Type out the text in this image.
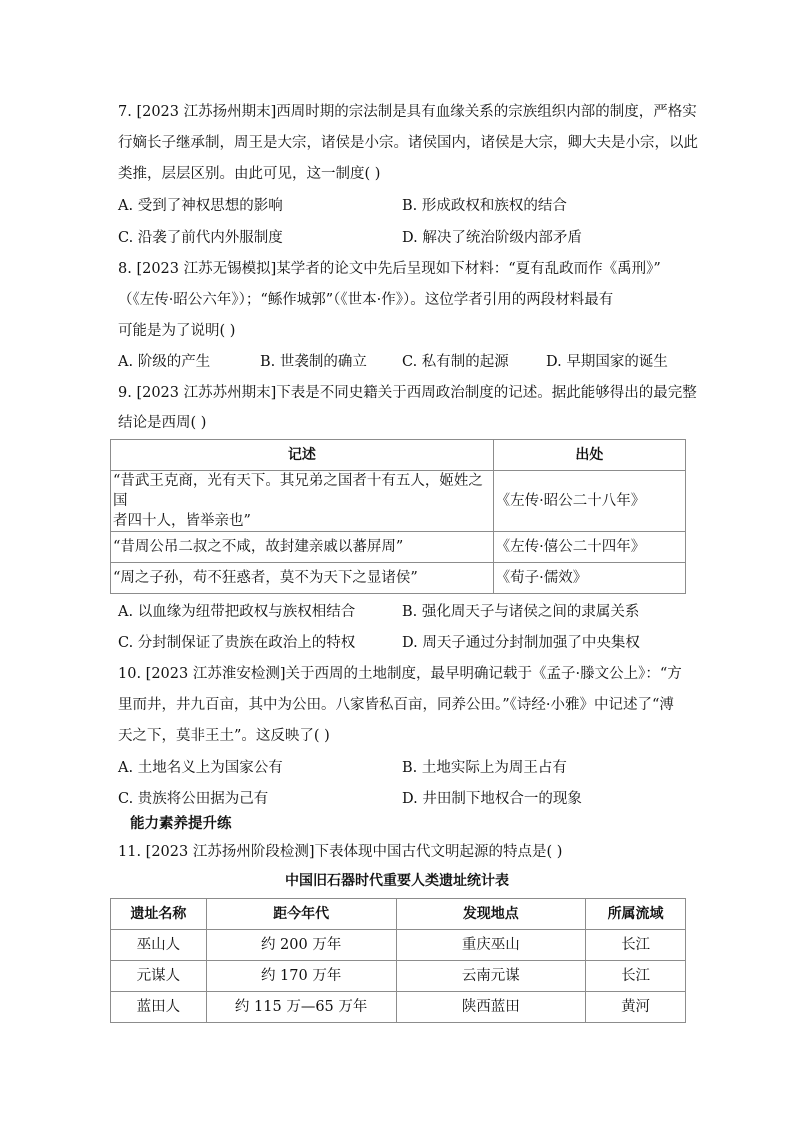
7. [2023 江苏扬州期末]西周时期的宗法制是具有血缘关系的宗族组织内部的制度，严格实
行嫡长子继承制，周王是大宗，诸侯是小宗。诸侯国内，诸侯是大宗，卿大夫是小宗，以此
类推，层层区别。由此可见，这一制度( )
A. 受到了神权思想的影响	B. 形成政权和族权的结合
C. 沿袭了前代内外服制度	D. 解决了统治阶级内部矛盾
8. [2023 江苏无锡模拟]某学者的论文中先后呈现如下材料：“夏有乱政而作《禹刑》”
（《左传·昭公六年》）；“鲧作城郭”（《世本·作》）。这位学者引用的两段材料最有
可能是为了说明( )
A. 阶级的产生	B. 世袭制的确立 C. 私有制的起源	D. 早期国家的诞生
9. [2023 江苏苏州期末]下表是不同史籍关于西周政治制度的记述。据此能够得出的最完整
结论是西周( )
记述	出处

“昔武王克商，光有天下。其兄弟之国者十有五人，姬姓之国
者四十人，皆举亲也”	《左传·昭公二十八年》
“昔周公吊二叔之不咸，故封建亲戚以蕃屏周”	《左传·僖公二十四年》
“周之子孙，苟不狂惑者，莫不为天下之显诸侯”	《荀子·儒效》
A. 以血缘为纽带把政权与族权相结合	B. 强化周天子与诸侯之间的隶属关系
C. 分封制保证了贵族在政治上的特权	D. 周天子通过分封制加强了中央集权
10. [2023 江苏淮安检测]关于西周的土地制度，最早明确记载于《孟子·滕文公上》：“方
里而井，井九百亩，其中为公田。八家皆私百亩，同养公田。”《诗经·小雅》中记述了“溥
天之下，莫非王土”。这反映了( )
A. 土地名义上为国家公有	B. 土地实际上为周王占有
C. 贵族将公田据为己有	D. 井田制下地权合一的现象
能力素养提升练
11. [2023 江苏扬州阶段检测]下表体现中国古代文明起源的特点是( )
中国旧石器时代重要人类遗址统计表
遗址名称	距今年代	发现地点	所属流域
巫山人	约 200 万年	重庆巫山	长江
元谋人	约 170 万年	云南元谋	长江
蓝田人	约 115 万—65 万年	陕西蓝田	黄河
